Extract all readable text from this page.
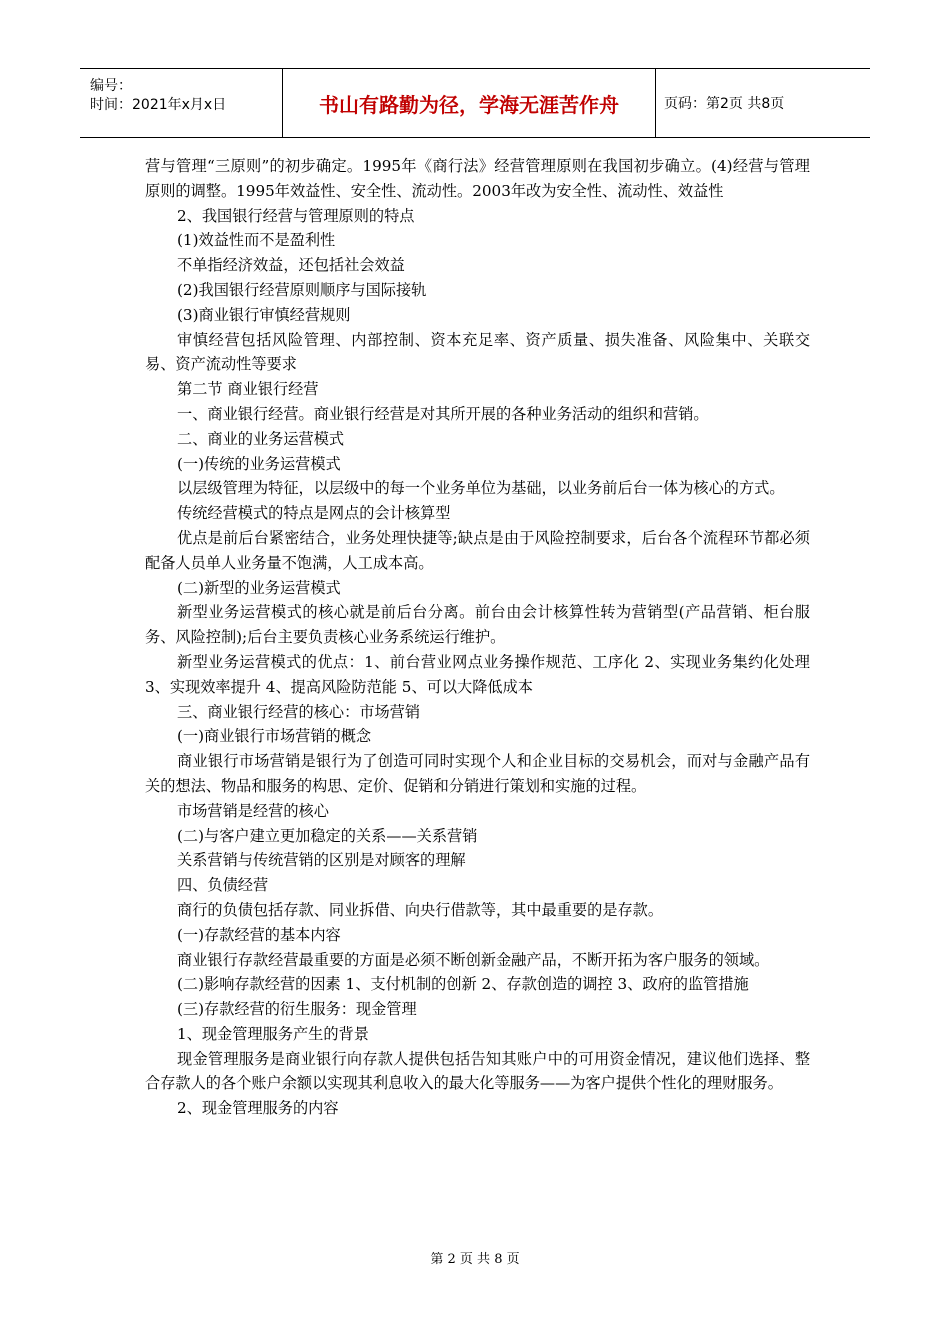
编号：
时间：2021年x月x日	书山有路勤为径，学海无涯苦作舟	页码：第2页 共8页

营与管理“三原则”的初步确定。1995年《商行法》经营管理原则在我国初步确立。(4)经营与管理原则的调整。1995年效益性、安全性、流动性。2003年改为安全性、流动性、效益性

2、我国银行经营与管理原则的特点

(1)效益性而不是盈利性

不单指经济效益，还包括社会效益

(2)我国银行经营原则顺序与国际接轨

(3)商业银行审慎经营规则

审慎经营包括风险管理、内部控制、资本充足率、资产质量、损失准备、风险集中、关联交易、资产流动性等要求

第二节 商业银行经营

一、商业银行经营。商业银行经营是对其所开展的各种业务活动的组织和营销。

二、商业的业务运营模式

(一)传统的业务运营模式

以层级管理为特征，以层级中的每一个业务单位为基础，以业务前后台一体为核心的方式。

传统经营模式的特点是网点的会计核算型

优点是前后台紧密结合，业务处理快捷等;缺点是由于风险控制要求，后台各个流程环节都必须配备人员单人业务量不饱满，人工成本高。

(二)新型的业务运营模式

新型业务运营模式的核心就是前后台分离。前台由会计核算性转为营销型(产品营销、柜台服务、风险控制);后台主要负责核心业务系统运行维护。

新型业务运营模式的优点：1、前台营业网点业务操作规范、工序化 2、实现业务集约化处理 3、实现效率提升 4、提高风险防范能 5、可以大降低成本

三、商业银行经营的核心：市场营销

(一)商业银行市场营销的概念

商业银行市场营销是银行为了创造可同时实现个人和企业目标的交易机会，而对与金融产品有关的想法、物品和服务的构思、定价、促销和分销进行策划和实施的过程。

市场营销是经营的核心

(二)与客户建立更加稳定的关系——关系营销

关系营销与传统营销的区别是对顾客的理解

四、负债经营

商行的负债包括存款、同业拆借、向央行借款等，其中最重要的是存款。

(一)存款经营的基本内容

商业银行存款经营最重要的方面是必须不断创新金融产品，不断开拓为客户服务的领域。

(二)影响存款经营的因素 1、支付机制的创新 2、存款创造的调控 3、政府的监管措施

(三)存款经营的衍生服务：现金管理

1、现金管理服务产生的背景

现金管理服务是商业银行向存款人提供包括告知其账户中的可用资金情况，建议他们选择、整合存款人的各个账户余额以实现其利息收入的最大化等服务——为客户提供个性化的理财服务。

2、现金管理服务的内容

第 2 页 共 8 页
